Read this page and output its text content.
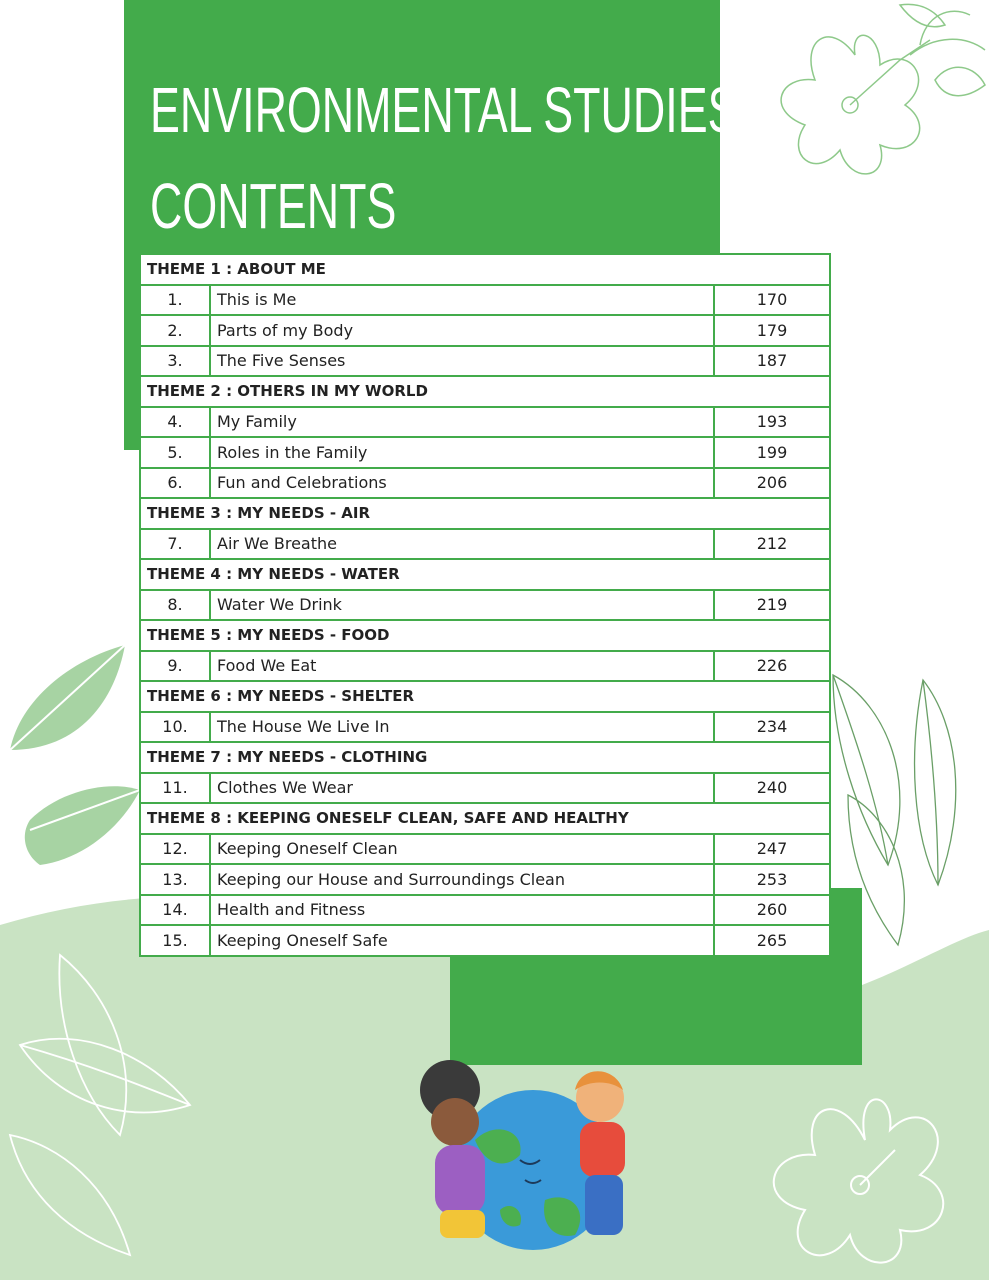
ENVIRONMENTAL STUDIES
CONTENTS
THEME 1 : ABOUT ME		
1.	This is Me	170
2.	Parts of my Body	179
3.	The Five Senses	187
THEME 2 : OTHERS IN MY WORLD		
4.	My Family	193
5.	Roles in the Family	199
6.	Fun and Celebrations	206
THEME 3 : MY NEEDS - AIR		
7.	Air We Breathe	212
THEME 4 : MY NEEDS - WATER		
8.	Water We Drink	219
THEME 5 : MY NEEDS - FOOD		
9.	Food We Eat	226
THEME 6 : MY NEEDS - SHELTER		
10.	The House We Live In	234
THEME 7 : MY NEEDS - CLOTHING		
11.	Clothes We Wear	240
THEME 8 : KEEPING ONESELF CLEAN, SAFE AND HEALTHY		
12.	Keeping Oneself Clean	247
13.	Keeping our House and Surroundings Clean	253
14.	Health and Fitness	260
15.	Keeping Oneself Safe	265
